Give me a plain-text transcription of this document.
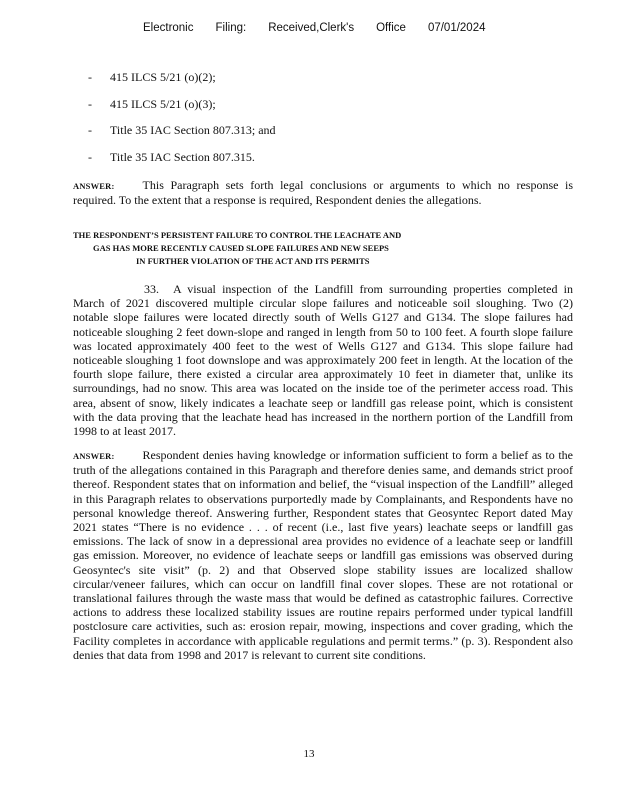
Electronic Filing: Received,Clerk's Office 07/01/2024
- 415 ILCS 5/21 (o)(2);
- 415 ILCS 5/21 (o)(3);
- Title 35 IAC Section 807.313; and
- Title 35 IAC Section 807.315.
ANSWER: This Paragraph sets forth legal conclusions or arguments to which no response is required. To the extent that a response is required, Respondent denies the allegations.
THE RESPONDENT’S PERSISTENT FAILURE TO CONTROL THE LEACHATE AND
GAS HAS MORE RECENTLY CAUSED SLOPE FAILURES AND NEW SEEPS
IN FURTHER VIOLATION OF THE ACT AND ITS PERMITS
33. A visual inspection of the Landfill from surrounding properties completed in March of 2021 discovered multiple circular slope failures and noticeable soil sloughing. Two (2) notable slope failures were located directly south of Wells G127 and G134. The slope failures had noticeable sloughing 2 feet down-slope and ranged in length from 50 to 100 feet. A fourth slope failure was located approximately 400 feet to the west of Wells G127 and G134. This slope failure had noticeable sloughing 1 foot downslope and was approximately 200 feet in length. At the location of the fourth slope failure, there existed a circular area approximately 10 feet in diameter that, unlike its surroundings, had no snow. This area was located on the inside toe of the perimeter access road. This area, absent of snow, likely indicates a leachate seep or landfill gas release point, which is consistent with the data proving that the leachate head has increased in the northern portion of the Landfill from 1998 to at least 2017.
ANSWER: Respondent denies having knowledge or information sufficient to form a belief as to the truth of the allegations contained in this Paragraph and therefore denies same, and demands strict proof thereof. Respondent states that on information and belief, the “visual inspection of the Landfill” alleged in this Paragraph relates to observations purportedly made by Complainants, and Respondents have no personal knowledge thereof. Answering further, Respondent states that Geosyntec Report dated May 2021 states “There is no evidence . . . of recent (i.e., last five years) leachate seeps or landfill gas emissions. The lack of snow in a depressional area provides no evidence of a leachate seep or landfill gas emission. Moreover, no evidence of leachate seeps or landfill gas emissions was observed during Geosyntec's site visit” (p. 2) and that Observed slope stability issues are localized shallow circular/veneer failures, which can occur on landfill final cover slopes. These are not rotational or translational failures through the waste mass that would be defined as catastrophic failures. Corrective actions to address these localized stability issues are routine repairs performed under typical landfill postclosure care activities, such as: erosion repair, mowing, inspections and cover grading, which the Facility completes in accordance with applicable regulations and permit terms.” (p. 3). Respondent also denies that data from 1998 and 2017 is relevant to current site conditions.
13
